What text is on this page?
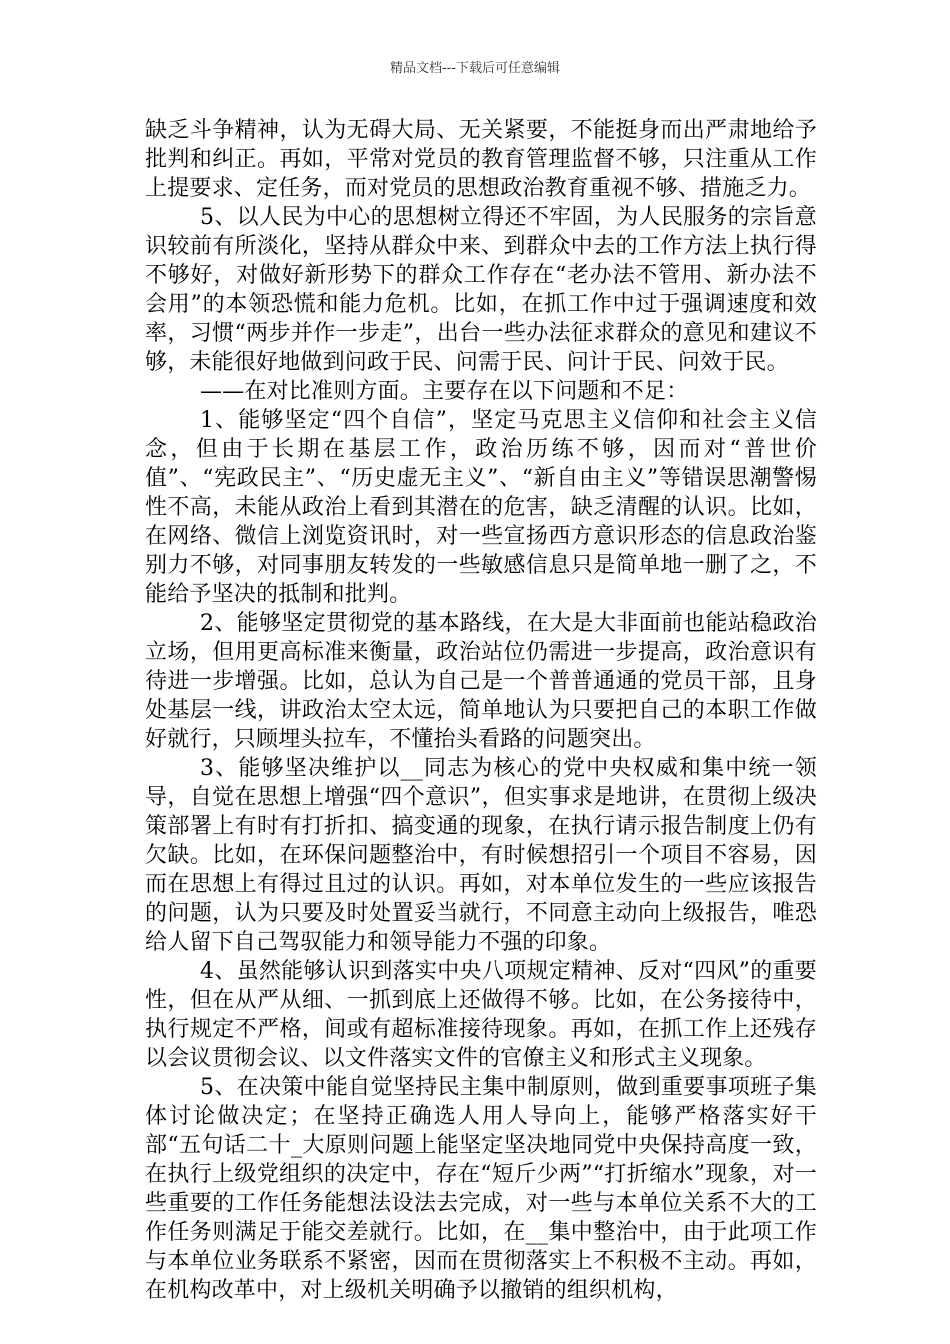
精品文档---下载后可任意编辑

缺乏斗争精神，认为无碍大局、无关紧要，不能挺身而出严肃地给予批判和纠正。再如，平常对党员的教育管理监督不够，只注重从工作上提要求、定任务，而对党员的思想政治教育重视不够、措施乏力。

5、以人民为中心的思想树立得还不牢固，为人民服务的宗旨意识较前有所淡化，坚持从群众中来、到群众中去的工作方法上执行得不够好，对做好新形势下的群众工作存在“老办法不管用、新办法不会用”的本领恐慌和能力危机。比如，在抓工作中过于强调速度和效率，习惯“两步并作一步走”，出台一些办法征求群众的意见和建议不够，未能很好地做到问政于民、问需于民、问计于民、问效于民。

——在对比准则方面。主要存在以下问题和不足：

1、能够坚定“四个自信”，坚定马克思主义信仰和社会主义信念，但由于长期在基层工作，政治历练不够，因而对“普世价值”、“宪政民主”、“历史虚无主义”、“新自由主义”等错误思潮警惕性不高，未能从政治上看到其潜在的危害，缺乏清醒的认识。比如，在网络、微信上浏览资讯时，对一些宣扬西方意识形态的信息政治鉴别力不够，对同事朋友转发的一些敏感信息只是简单地一删了之，不能给予坚决的抵制和批判。

2、能够坚定贯彻党的基本路线，在大是大非面前也能站稳政治立场，但用更高标准来衡量，政治站位仍需进一步提高，政治意识有待进一步增强。比如，总认为自己是一个普普通通的党员干部，且身处基层一线，讲政治太空太远，简单地认为只要把自己的本职工作做好就行，只顾埋头拉车，不懂抬头看路的问题突出。

3、能够坚决维护以__同志为核心的党中央权威和集中统一领导，自觉在思想上增强“四个意识”，但实事求是地讲，在贯彻上级决策部署上有时有打折扣、搞变通的现象，在执行请示报告制度上仍有欠缺。比如，在环保问题整治中，有时候想招引一个项目不容易，因而在思想上有得过且过的认识。再如，对本单位发生的一些应该报告的问题，认为只要及时处置妥当就行，不同意主动向上级报告，唯恐给人留下自己驾驭能力和领导能力不强的印象。

4、虽然能够认识到落实中央八项规定精神、反对“四风”的重要性，但在从严从细、一抓到底上还做得不够。比如，在公务接待中，执行规定不严格，间或有超标准接待现象。再如，在抓工作上还残存以会议贯彻会议、以文件落实文件的官僚主义和形式主义现象。

5、在决策中能自觉坚持民主集中制原则，做到重要事项班子集体讨论做决定；在坚持正确选人用人导向上，能够严格落实好干部“五句话二十_大原则问题上能坚定坚决地同党中央保持高度一致，在执行上级党组织的决定中，存在“短斤少两”“打折缩水”现象，对一些重要的工作任务能想法设法去完成，对一些与本单位关系不大的工作任务则满足于能交差就行。比如，在__集中整治中，由于此项工作与本单位业务联系不紧密，因而在贯彻落实上不积极不主动。再如，在机构改革中，对上级机关明确予以撤销的组织机构，
